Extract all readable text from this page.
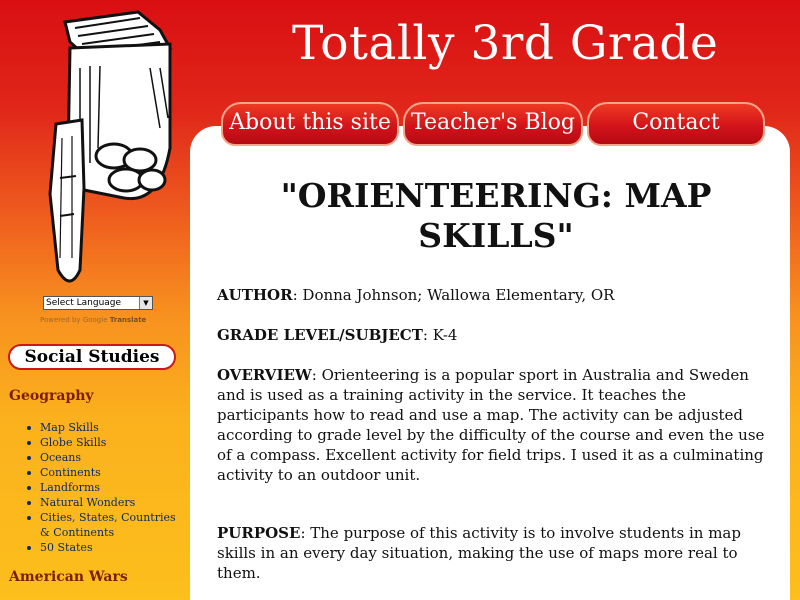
Totally 3rd Grade
Select Language	▼
Powered by Google Translate
Social Studies
Geography
Map Skills
Globe Skills
Oceans
Continents
Landforms
Natural Wonders
Cities, States, Countries
& Continents
50 States
American Wars
About this site Teacher's Blog	Contact
"ORIENTEERING: MAP
SKILLS"
AUTHOR: Donna Johnson; Wallowa Elementary, OR
GRADE LEVEL/SUBJECT: K-4
OVERVIEW: Orienteering is a popular sport in Australia and Sweden and is used as a training activity in the service. It teaches the participants how to read and use a map. The activity can be adjusted according to grade level by the difficulty of the course and even the use of a compass. Excellent activity for field trips. I used it as a culminating activity to an outdoor unit.
PURPOSE: The purpose of this activity is to involve students in map skills in an every day situation, making the use of maps more real to them.
